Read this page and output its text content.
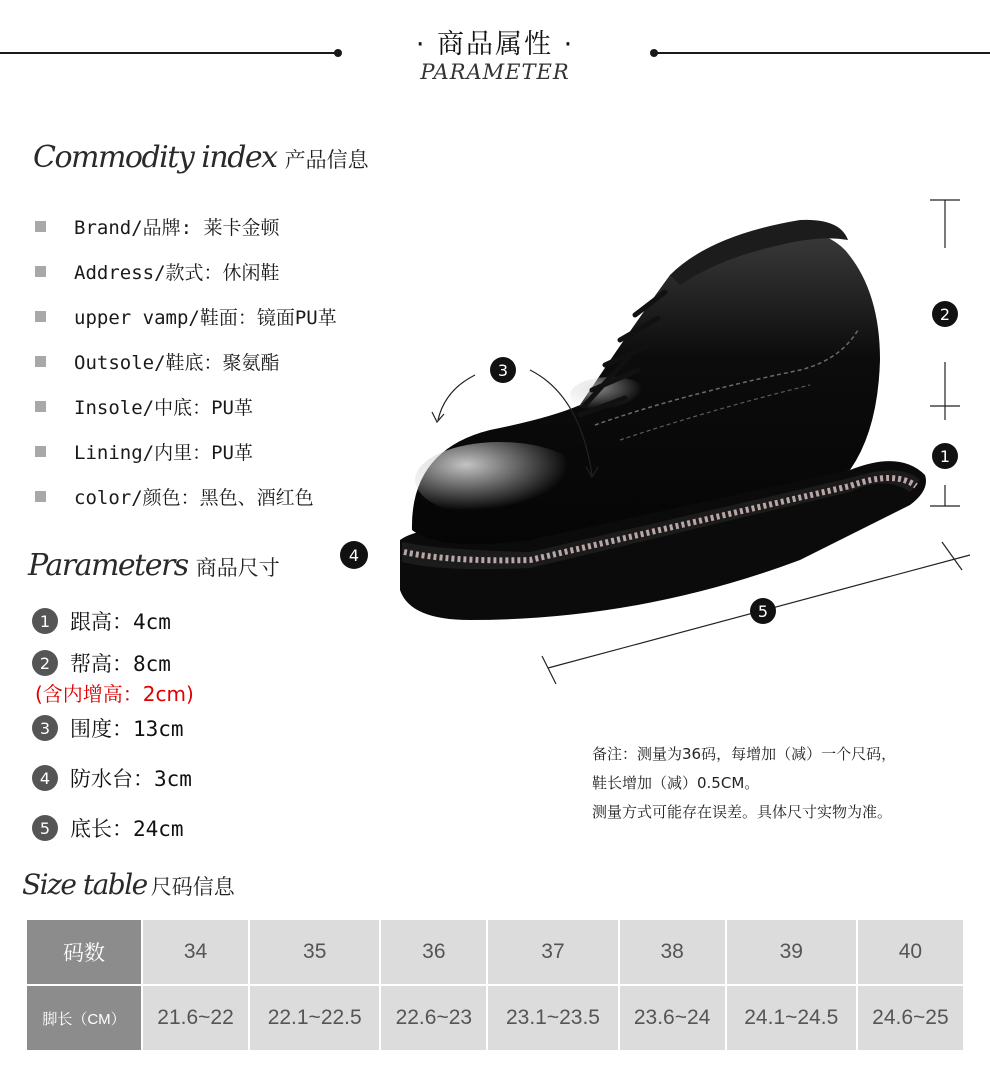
· 商品属性 ·
PARAMETER
Commodity index 产品信息
Brand/品牌: 莱卡金顿
Address/款式：休闲鞋
upper vamp/鞋面：镜面PU革
Outsole/鞋底：聚氨酯
Insole/中底：PU革
Lining/内里：PU革
color/颜色：黑色、酒红色
Parameters 商品尺寸
1 跟高：4cm
2 帮高：8cm
(含内增高：2cm)
3 围度：13cm
4 防水台：3cm
5 底长：24cm
2
1
3
5
4
备注：测量为36码，每增加（减）一个尺码，
鞋长增加（减）0.5CM。
测量方式可能存在误差。具体尺寸实物为准。
Size table 尺码信息
码数	34	35	36	37	38	39	40
脚长（CM）	21.6~22	22.1~22.5	22.6~23	23.1~23.5	23.6~24	24.1~24.5	24.6~25
